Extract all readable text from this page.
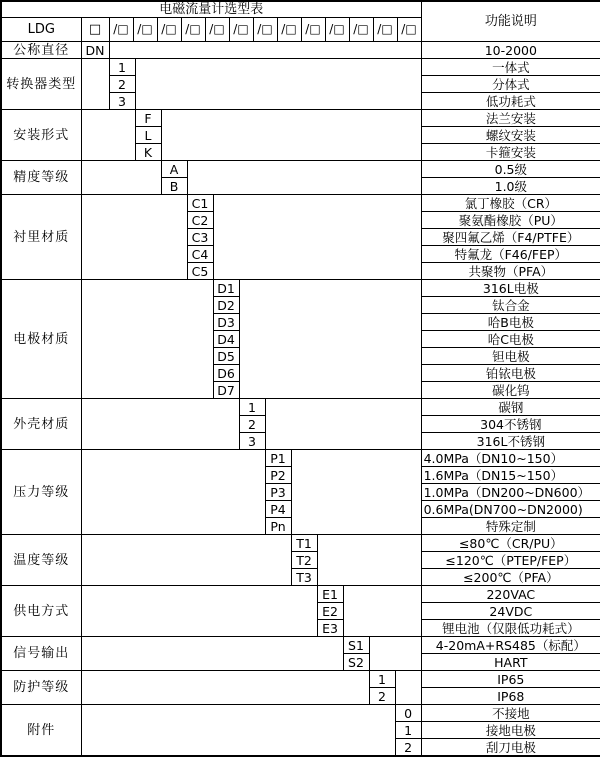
电磁流量计选型表														功能说明
LDG	□	/□ /□ /□ /□ /□ /□ /□ /□ /□ /□ /□ /□ /□

公称直径	DN													10-2000
转换器类型		1												一体式
		2												分体式
		3												低功耗式
安装形式			F											法兰安装
			L											螺纹安装
			K											卡箍安装
精度等级				A										0.5级
				B										1.0级
衬里材质					C1									氯丁橡胶（CR）
					C2									聚氨酯橡胶（PU）
					C3									聚四氟乙烯（F4/PTFE）
					C4									特氟龙（F46/FEP）
					C5									共聚物（PFA）
电极材质						D1								316L电极
						D2								钛合金
						D3								哈B电极
						D4								哈C电极
						D5								钽电极
						D6								铂铱电极
						D7								碳化钨
外壳材质							1							碳钢
							2							304不锈钢
							3							316L不锈钢
压力等级								P1						4.0MPa（DN10~150）
								P2						1.6MPa（DN15~150）
								P3						1.0MPa（DN200~DN600）
								P4						0.6MPa(DN700~DN2000)
								Pn						特殊定制
温度等级									T1					≤80℃（CR/PU）
									T2					≤120℃（PTEP/FEP）
									T3					≤200℃（PFA）
供电方式										E1				220VAC
										E2				24VDC
										E3				锂电池（仅限低功耗式）
信号输出											S1			4-20mA+RS485（标配）
											S2			HART
防护等级												1		IP65
												2		IP68
附件													0	不接地
													1	接地电极
													2	刮刀电极
